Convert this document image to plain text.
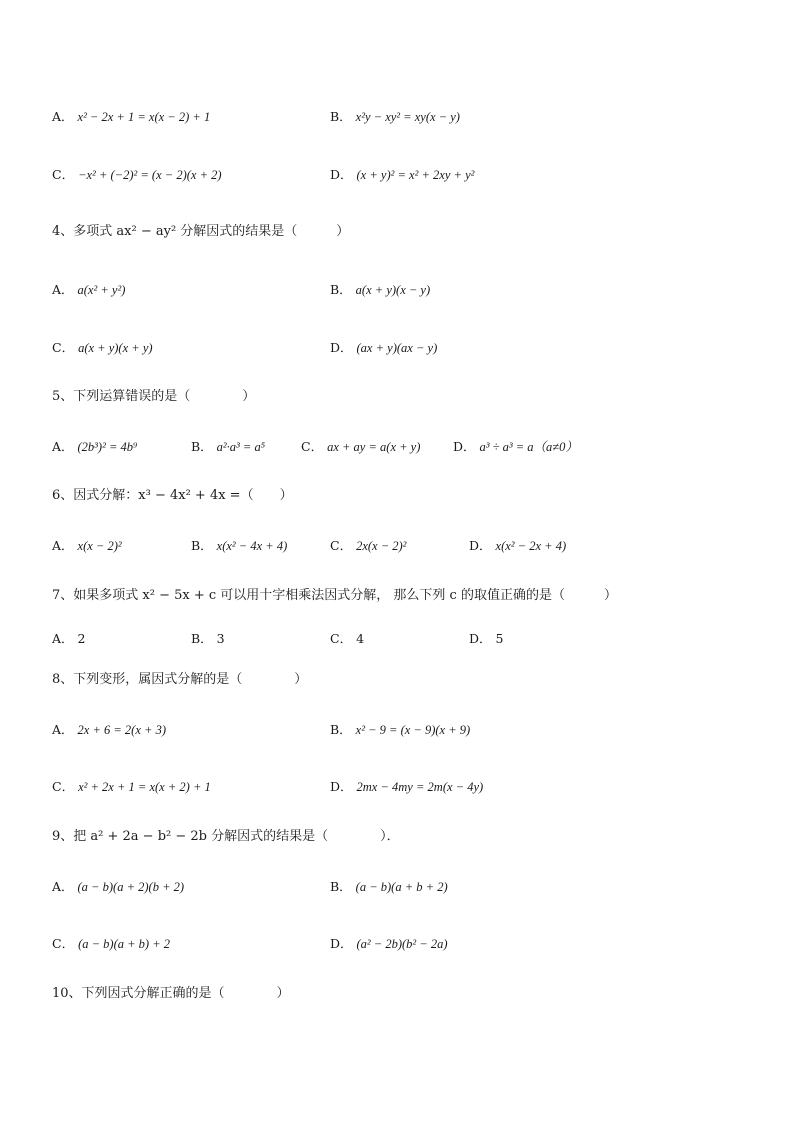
A． x² − 2x + 1 = x(x − 2) + 1	B． x²y − xy² = xy(x − y)
C． −x² + (−2)² = (x − 2)(x + 2)	D． (x + y)² = x² + 2xy + y²
4、多项式 ax² − ay² 分解因式的结果是（　　　）
A． a(x² + y²)	B． a(x + y)(x − y)
C． a(x + y)(x + y)	D． (ax + y)(ax − y)
5、下列运算错误的是（　　　　）
A． (2b³)² = 4b⁹	B． a²·a³ = a⁵	C． ax + ay = a(x + y)	D． a³ ÷ a³ = a（a≠0）
6、因式分解：x³ − 4x² + 4x =（　　）
A． x(x − 2)²	B． x(x² − 4x + 4)	C． 2x(x − 2)²	D． x(x² − 2x + 4)
7、如果多项式 x² − 5x + c 可以用十字相乘法因式分解， 那么下列 c 的取值正确的是（　　　）
A． 2	B． 3	C． 4	D． 5
8、下列变形，属因式分解的是（　　　　）
A． 2x + 6 = 2(x + 3)	B． x² − 9 = (x − 9)(x + 9)
C． x² + 2x + 1 = x(x + 2) + 1	D． 2mx − 4my = 2m(x − 4y)
9、把 a² + 2a − b² − 2b 分解因式的结果是（　　　　）．
A． (a − b)(a + 2)(b + 2)	B． (a − b)(a + b + 2)
C． (a − b)(a + b) + 2	D． (a² − 2b)(b² − 2a)
10、下列因式分解正确的是（　　　　）
